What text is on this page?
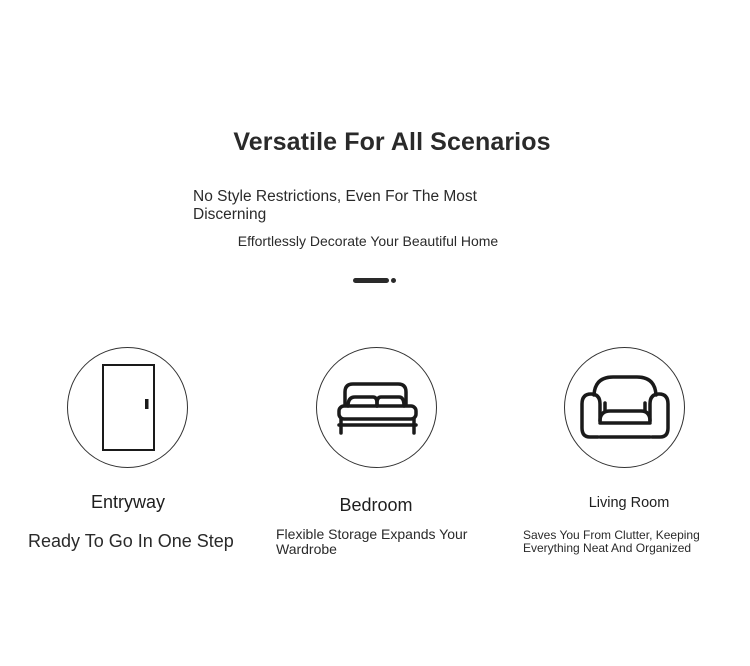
Versatile For All Scenarios
No Style Restrictions, Even For The Most Discerning
Effortlessly Decorate Your Beautiful Home
Entryway
Ready To Go In One Step
Bedroom
Flexible Storage Expands Your Wardrobe
Living Room
Saves You From Clutter, Keeping Everything Neat And Organized
